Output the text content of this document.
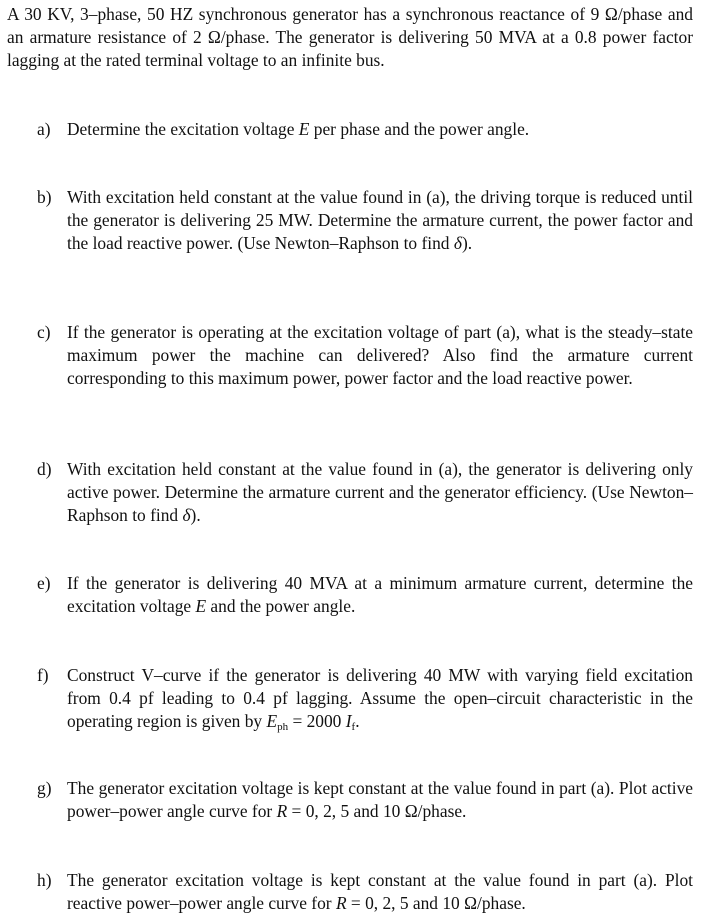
A 30 KV, 3–phase, 50 HZ synchronous generator has a synchronous reactance of 9 Ω/phase and an armature resistance of 2 Ω/phase. The generator is delivering 50 MVA at a 0.8 power factor lagging at the rated terminal voltage to an infinite bus.

a) Determine the excitation voltage E per phase and the power angle.
b) With excitation held constant at the value found in (a), the driving torque is reduced until the generator is delivering 25 MW. Determine the armature current, the power factor and the load reactive power. (Use Newton–Raphson to find δ).
c) If the generator is operating at the excitation voltage of part (a), what is the steady–state maximum power the machine can delivered? Also find the armature current corresponding to this maximum power, power factor and the load reactive power.
d) With excitation held constant at the value found in (a), the generator is delivering only active power. Determine the armature current and the generator efficiency. (Use Newton–Raphson to find δ).
e) If the generator is delivering 40 MVA at a minimum armature current, determine the excitation voltage E and the power angle.
f)	Construct V–curve if the generator is delivering 40 MW with varying field excitation from 0.4 pf leading to 0.4 pf lagging. Assume the open–circuit characteristic in the operating region is given by $E_{ph} = 2000$ $I_f$.
g) The generator excitation voltage is kept constant at the value found in part (a). Plot active power–power angle curve for R = 0, 2, 5 and 10 Ω/phase.
h) The generator excitation voltage is kept constant at the value found in part (a). Plot reactive power–power angle curve for R = 0, 2, 5 and 10 Ω/phase.
